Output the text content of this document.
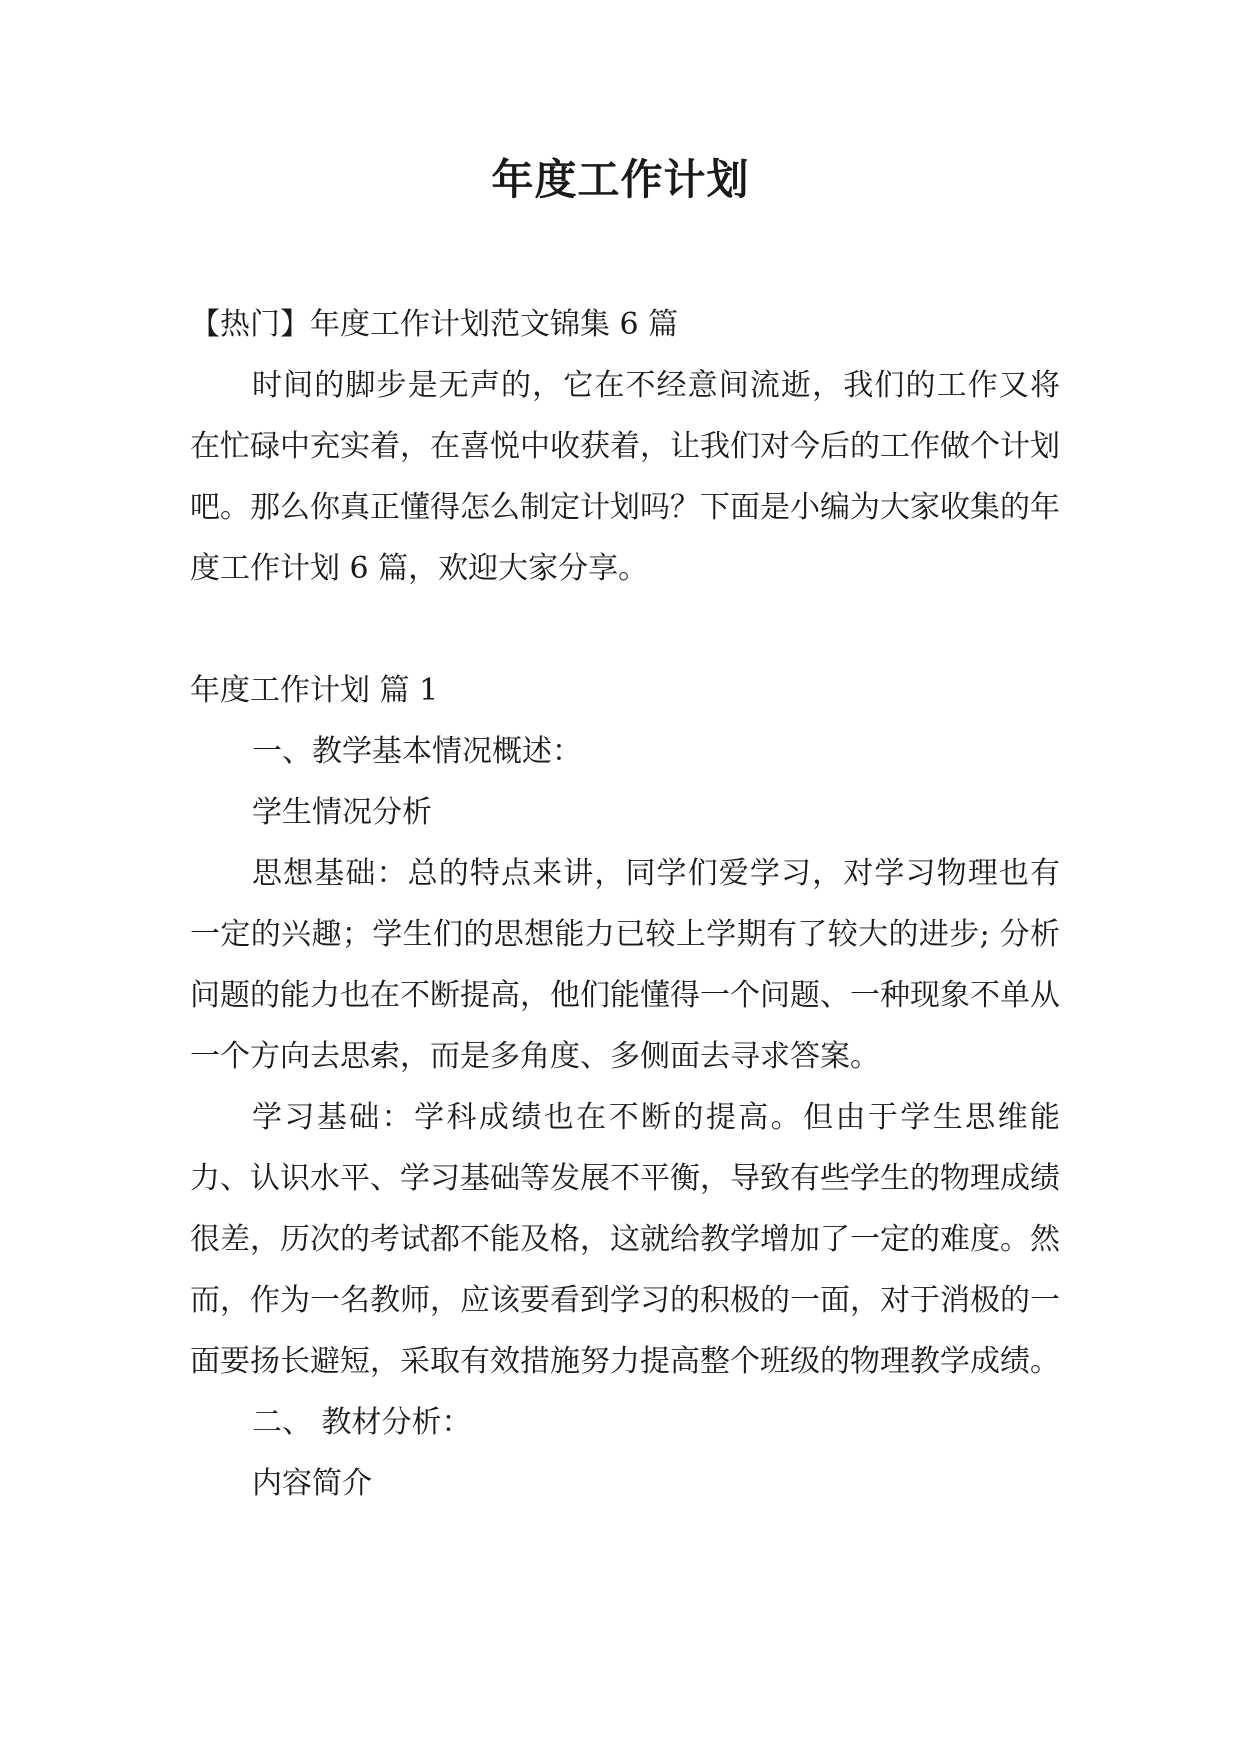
年度工作计划

【热门】年度工作计划范文锦集 6 篇

时间的脚步是无声的，它在不经意间流逝，我们的工作又将在忙碌中充实着，在喜悦中收获着，让我们对今后的工作做个计划吧。那么你真正懂得怎么制定计划吗？下面是小编为大家收集的年度工作计划 6 篇，欢迎大家分享。

年度工作计划 篇 1

一、教学基本情况概述：

学生情况分析

思想基础：总的特点来讲，同学们爱学习，对学习物理也有一定的兴趣；学生们的思想能力已较上学期有了较大的进步; 分析问题的能力也在不断提高，他们能懂得一个问题、一种现象不单从一个方向去思索，而是多角度、多侧面去寻求答案。

学习基础：学科成绩也在不断的提高。但由于学生思维能力、认识水平、学习基础等发展不平衡，导致有些学生的物理成绩很差，历次的考试都不能及格，这就给教学增加了一定的难度。然而，作为一名教师，应该要看到学习的积极的一面，对于消极的一面要扬长避短，采取有效措施努力提高整个班级的物理教学成绩。

二、 教材分析：

内容简介
